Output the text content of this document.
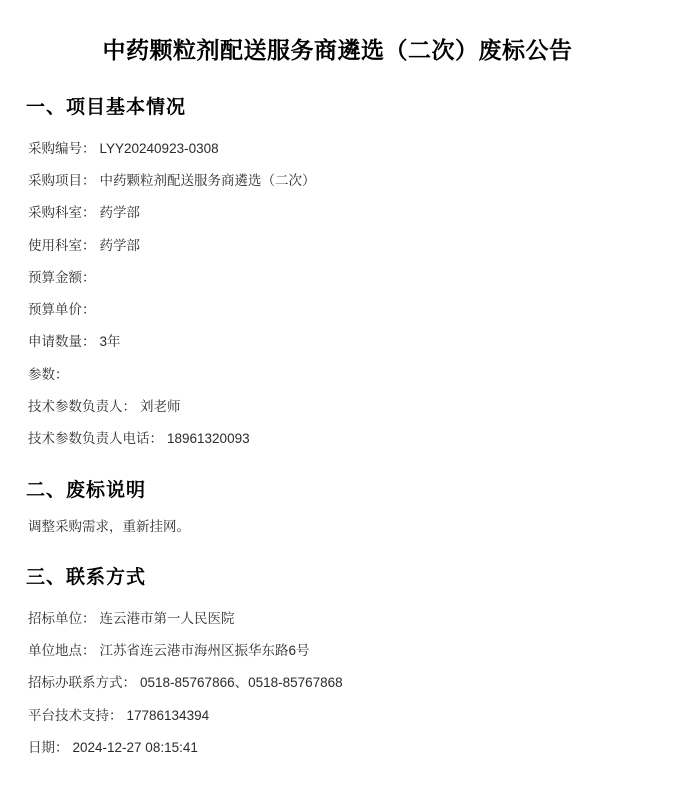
中药颗粒剂配送服务商遴选（二次）废标公告
一、项目基本情况
采购编号： LYY20240923-0308
采购项目： 中药颗粒剂配送服务商遴选（二次）
采购科室： 药学部
使用科室： 药学部
预算金额：
预算单价：
申请数量： 3年
参数：
技术参数负责人： 刘老师
技术参数负责人电话： 18961320093
二、废标说明
调整采购需求，重新挂网。
三、联系方式
招标单位： 连云港市第一人民医院
单位地点： 江苏省连云港市海州区振华东路6号
招标办联系方式： 0518-85767866、0518-85767868
平台技术支持： 17786134394
日期： 2024-12-27 08:15:41
